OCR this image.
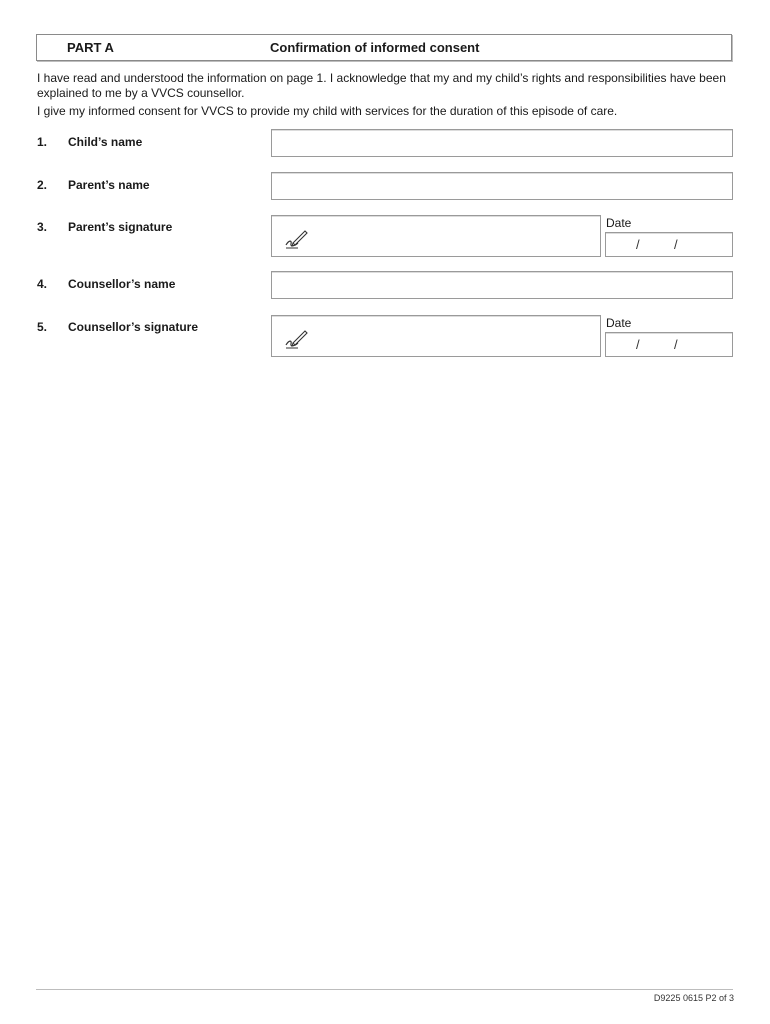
PART A	Confirmation of informed consent
I have read and understood the information on page 1. I acknowledge that my and my child’s rights and responsibilities have been explained to me by a VVCS counsellor.
I give my informed consent for VVCS to provide my child with services for the duration of this episode of care.
1. Child’s name
2. Parent’s name
3. Parent’s signature	Date
/	/
4. Counsellor’s name
5. Counsellor’s signature	Date
/	/
D9225 0615 P2 of 3
